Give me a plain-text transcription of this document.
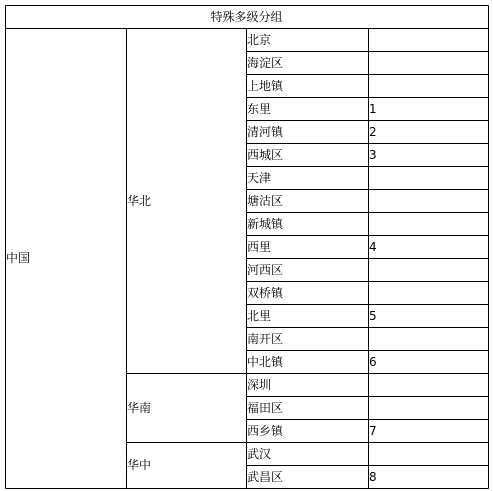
特殊多级分组
中国
华北
北京
海淀区
上地镇
东里	1
清河镇	2
西城区	3
天津
塘沽区
新城镇
西里	4
河西区
双桥镇
北里	5
南开区
中北镇	6
华南
深圳
福田区
西乡镇	7
华中
武汉
武昌区	8
